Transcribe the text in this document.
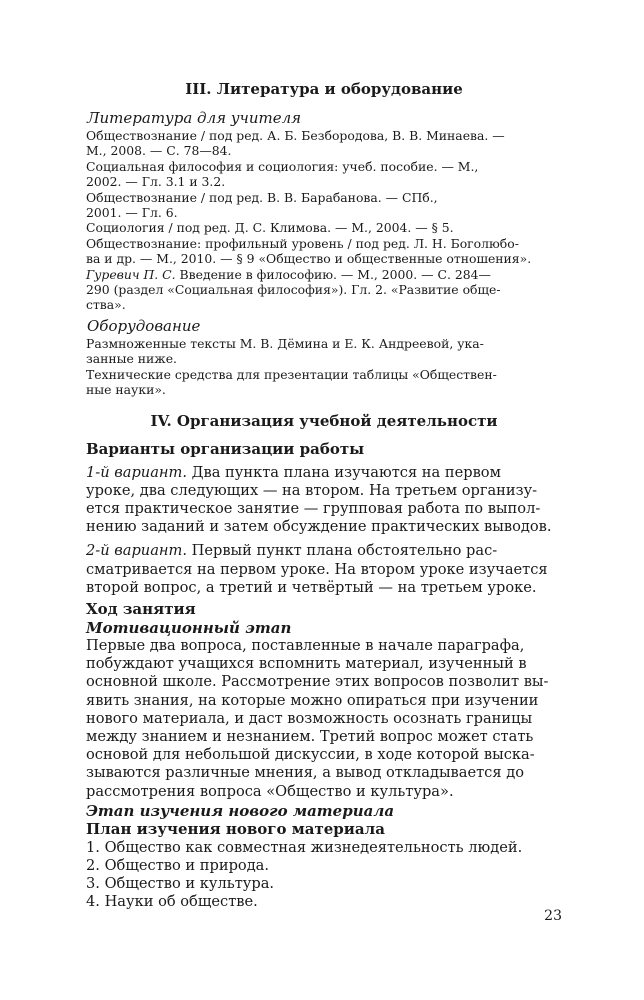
III. Литература и оборудование
Литература для учителя

Обществознание / под ред. А. Б. Безбородова, В. В. Минаева. —
М., 2008. — С. 78—84.

Социальная философия и социология: учеб. пособие. — М.,
2002. — Гл. 3.1 и 3.2.

Обществознание / под ред. В. В. Барабанова. — СПб.,
2001. — Гл. 6.

Социология / под ред. Д. С. Климова. — М., 2004. — § 5.

Обществознание: профильный уровень / под ред. Л. Н. Боголюбо-
ва и др. — М., 2010. — § 9 «Общество и общественные отношения».

Гуревич П. С. Введение в философию. — М., 2000. — С. 284—
290 (раздел «Социальная философия»). Гл. 2. «Развитие обще-
ства».

Оборудование

Размноженные тексты М. В. Дёмина и Е. К. Андреевой, ука-
занные ниже.

Технические средства для презентации таблицы «Обществен-
ные науки».

IV. Организация учебной деятельности
Варианты организации работы

1-й вариант. Два пункта плана изучаются на первом
уроке, два следующих — на втором. На третьем организу-
ется практическое занятие — групповая работа по выпол-
нению заданий и затем обсуждение практических выводов.

2-й вариант. Первый пункт плана обстоятельно рас-
сматривается на первом уроке. На втором уроке изучается
второй вопрос, а третий и четвёртый — на третьем уроке.

Ход занятия
Мотивационный этап

Первые два вопроса, поставленные в начале параграфа,
побуждают учащихся вспомнить материал, изученный в
основной школе. Рассмотрение этих вопросов позволит вы-
явить знания, на которые можно опираться при изучении
нового материала, и даст возможность осознать границы
между знанием и незнанием. Третий вопрос может стать
основой для небольшой дискуссии, в ходе которой выска-
зываются различные мнения, а вывод откладывается до
рассмотрения вопроса «Общество и культура».

Этап изучения нового материала
План изучения нового материала

1. Общество как совместная жизнедеятельность людей.

2. Общество и природа.

3. Общество и культура.

4. Науки об обществе.

23
